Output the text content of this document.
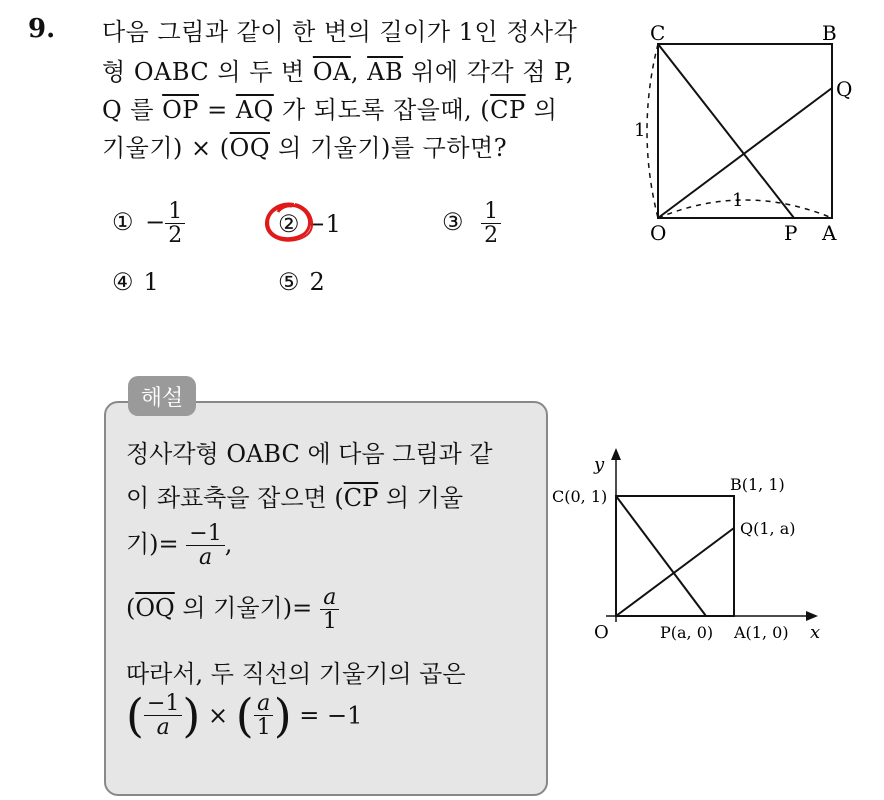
9. 다음 그림과 같이 한 변의 길이가 1인 정사각
형 OABC 의 두 변 $\overline{OA}$, $\overline{AB}$ 위에 각각 점 P,
Q 를 $\overline{OP} = \overline{AQ}$ 가 되도록 잡을때, ($\overline{CP}$ 의
기울기) × ($\overline{OQ}$ 의 기울기)를 구하면?
① − $\frac{1}{2}$	② −1	③ $\frac{1}{2}$
④ 1	⑤ 2
C	B
Q
O	P A
1
1
해설
정사각형 OABC 에 다음 그림과 같
이 좌표축을 잡으면 ($\overline{CP}$ 의 기울
기)= $\frac{-1}{a}$ ,
($\overline{OQ}$ 의 기울기)= $\frac{a}{1}$
따라서, 두 직선의 기울기의 곱은
( $\frac{-1}{a}$ ) × ( $\frac{a}{1}$ ) = −1
y
x
C(0, 1)
B(1, 1)
Q(1, a)
O	P(a, 0) A(1, 0)
